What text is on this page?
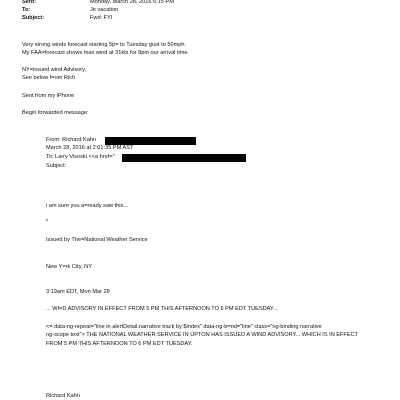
Sent:	Monday, March 28, 2016 6:15 PM
To:	Je vacation
Subject:	Fwd: FYI
Very strong winds forecast starting 5p= to Tuesday gust to 50mph.
My FAA=forecast shows max wind at 31kts for 8pm our arrival time.
NY=issued wind Advisory,
See below f=om Rich
Sent from my iPhone
Begin forwarded message:
From: Richard Kahn
March 28, 2016 at 2:01:35 PM AST
To: Larry Visoski <<a href="
Subject:
i am sure you a=ready saw this...
*
Issued by The=National Weather Service
New Y=rk City, NY
3:19am EDT, Mon Mar 28
... WI=D ADVISORY IN EFFECT FROM 5 PM THIS AFTERNOON TO 6 PM EDT TUESDAY...
<= data-ng-repeat="line in alertDetail.narrative track by $index" data-ng-b=nd="line" class="ng-binding narrative
ng-scope text"> THE NATIONAL WEATHER SERVICE IN UPTON HAS ISSUED A WIND ADVISORY... WHICH IS IN EFFECT
FROM 5 PM THIS AFTERNOON TO 6 PM EDT TUESDAY.
Richard Kahn
